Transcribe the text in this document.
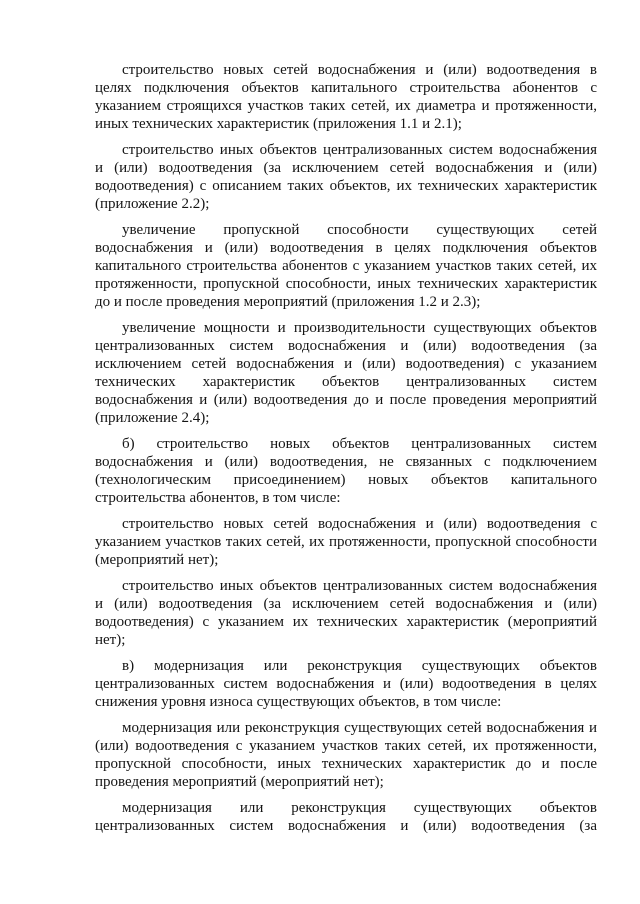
строительство новых сетей водоснабжения и (или) водоотведения в
целях подключения объектов капитального строительства абонентов с
указанием строящихся участков таких сетей, их диаметра и протяженности,
иных технических характеристик (приложения 1.1 и 2.1);
строительство иных объектов централизованных систем водоснабжения
и (или) водоотведения (за исключением сетей водоснабжения и (или)
водоотведения) с описанием таких объектов, их технических характеристик
(приложение 2.2);
увеличение пропускной способности существующих сетей
водоснабжения и (или) водоотведения в целях подключения объектов
капитального строительства абонентов с указанием участков таких сетей, их
протяженности, пропускной способности, иных технических характеристик
до и после проведения мероприятий (приложения 1.2 и 2.3);
увеличение мощности и производительности существующих объектов
централизованных систем водоснабжения и (или) водоотведения (за
исключением сетей водоснабжения и (или) водоотведения) с указанием
технических характеристик объектов централизованных систем
водоснабжения и (или) водоотведения до и после проведения мероприятий
(приложение 2.4);
б) строительство новых объектов централизованных систем
водоснабжения и (или) водоотведения, не связанных с подключением
(технологическим присоединением) новых объектов капитального
строительства абонентов, в том числе:
строительство новых сетей водоснабжения и (или) водоотведения с
указанием участков таких сетей, их протяженности, пропускной способности
(мероприятий нет);
строительство иных объектов централизованных систем водоснабжения
и (или) водоотведения (за исключением сетей водоснабжения и (или)
водоотведения) с указанием их технических характеристик (мероприятий
нет);
в) модернизация или реконструкция существующих объектов
централизованных систем водоснабжения и (или) водоотведения в целях
снижения уровня износа существующих объектов, в том числе:
модернизация или реконструкция существующих сетей водоснабжения и
(или) водоотведения с указанием участков таких сетей, их протяженности,
пропускной способности, иных технических характеристик до и после
проведения мероприятий (мероприятий нет);
модернизация или реконструкция существующих объектов
централизованных систем водоснабжения и (или) водоотведения (за
